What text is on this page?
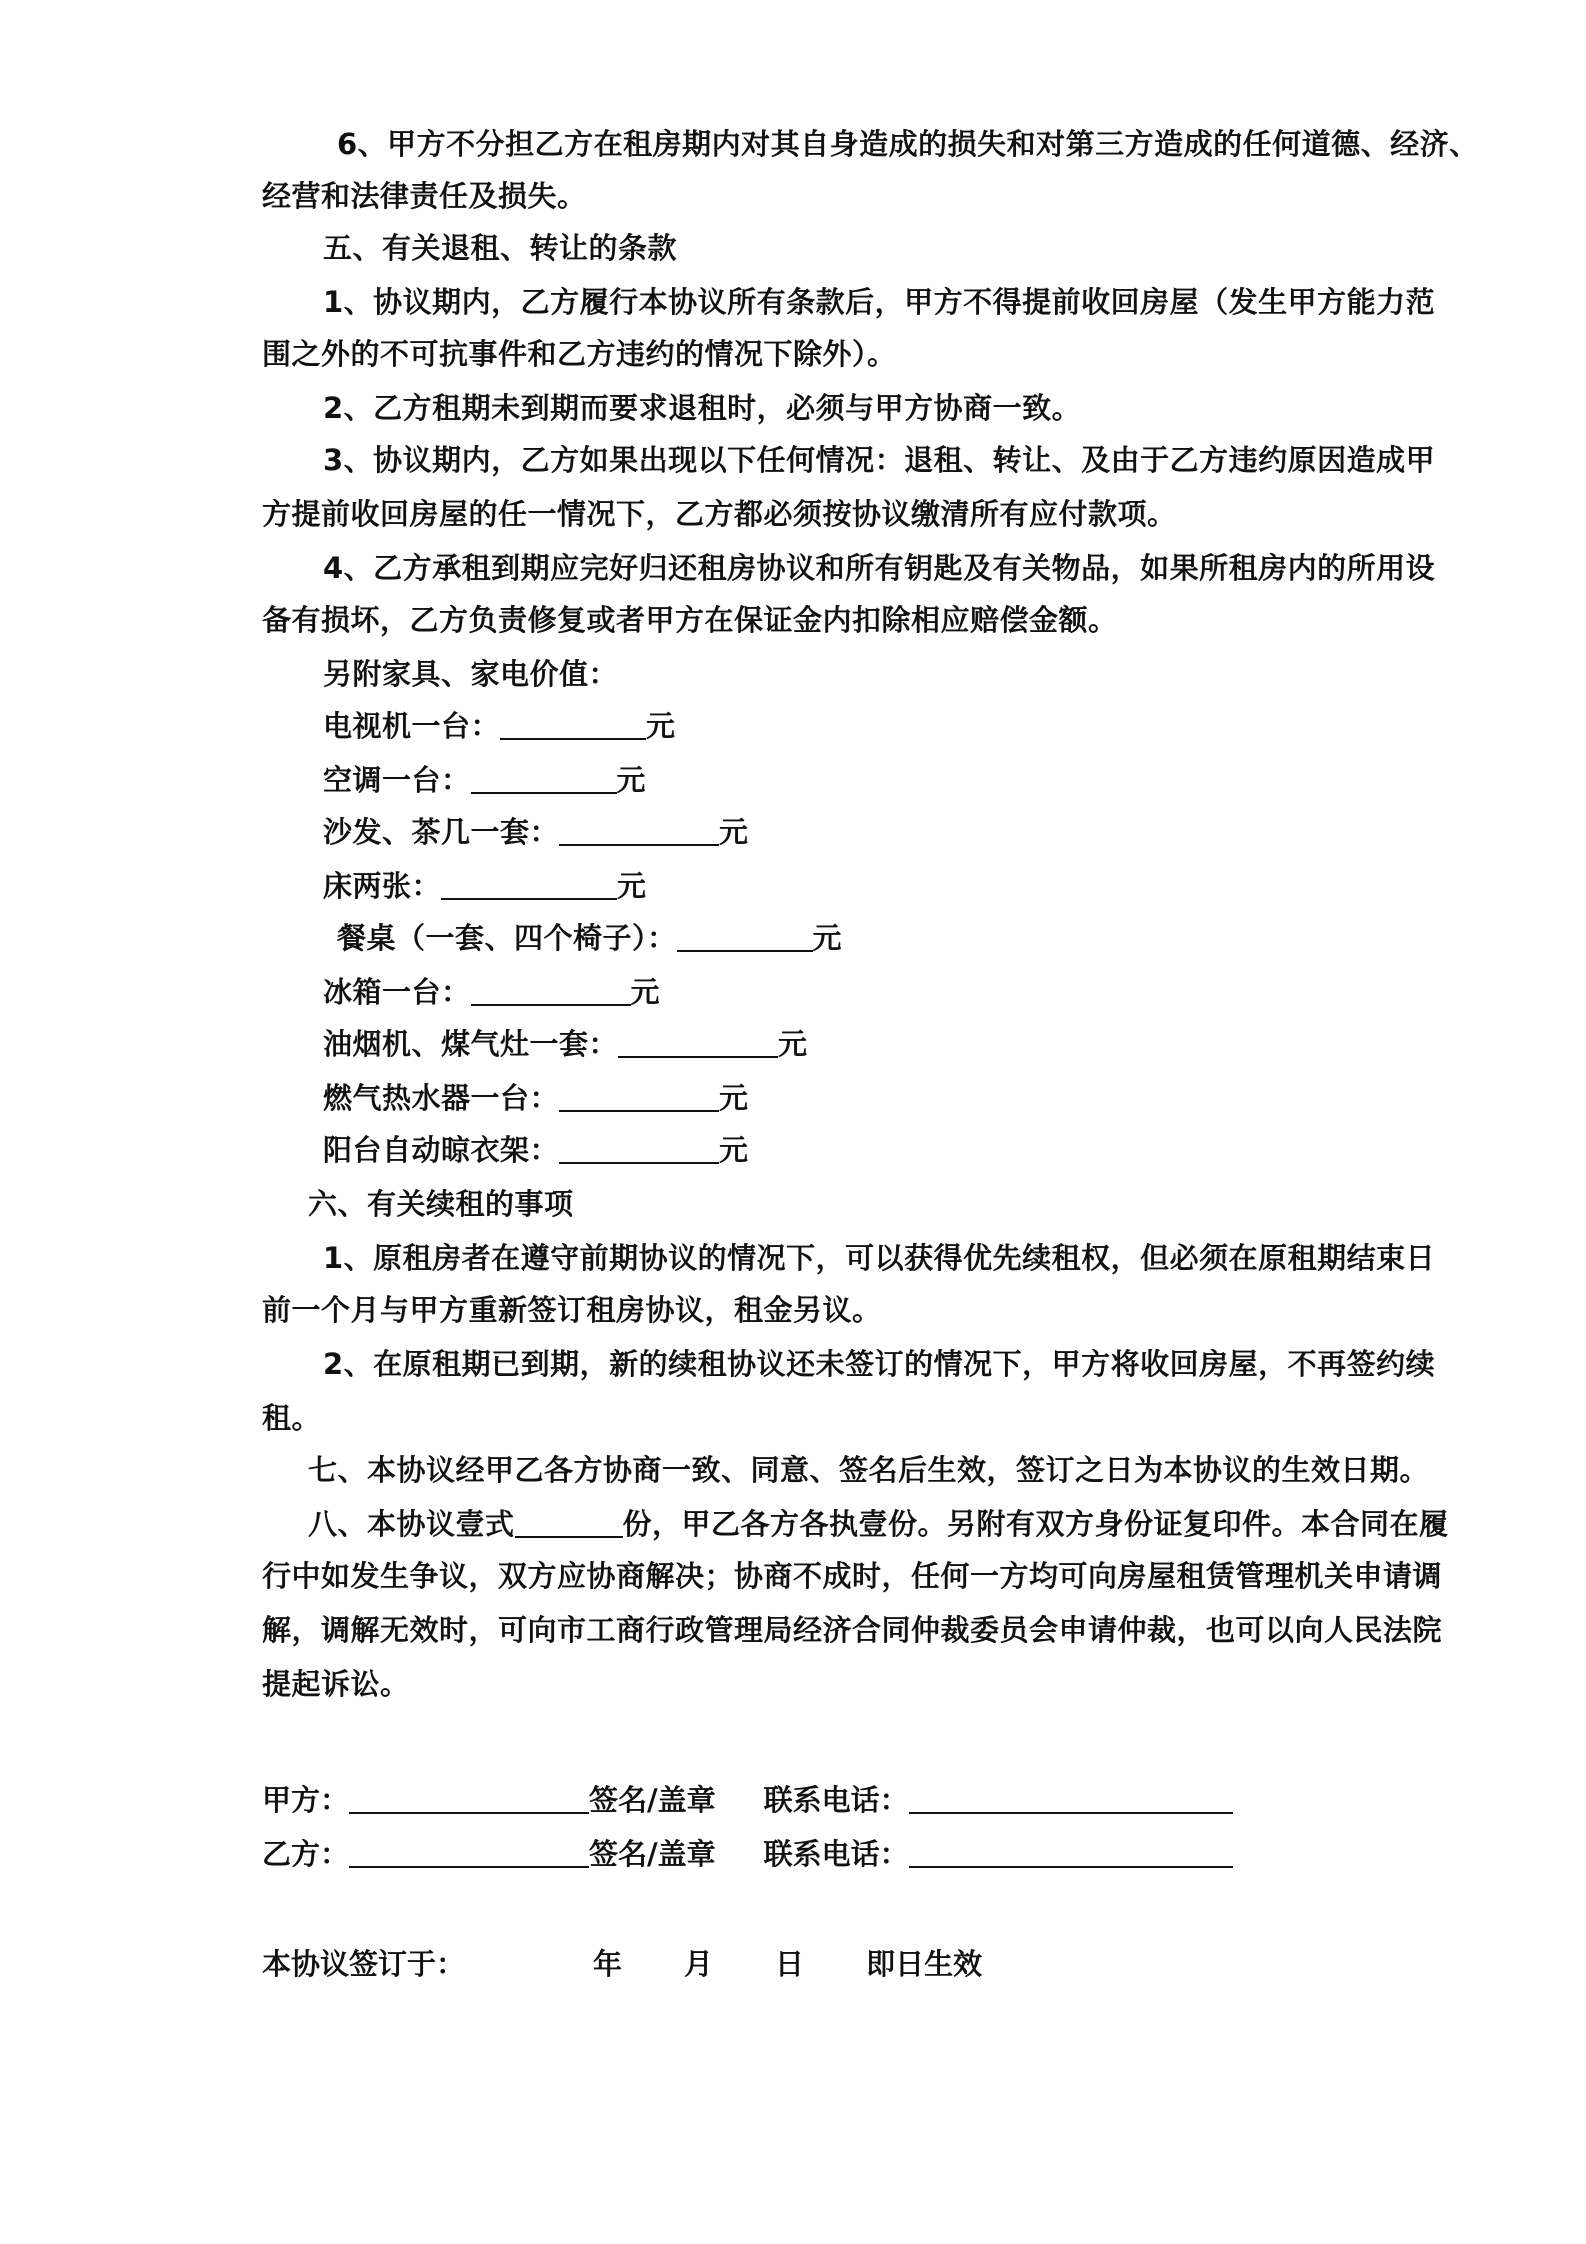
6、甲方不分担乙方在租房期内对其自身造成的损失和对第三方造成的任何道德、经济、
经营和法律责任及损失。
五、有关退租、转让的条款
1、协议期内，乙方履行本协议所有条款后，甲方不得提前收回房屋（发生甲方能力范
围之外的不可抗事件和乙方违约的情况下除外）。
2、乙方租期未到期而要求退租时，必须与甲方协商一致。
3、协议期内，乙方如果出现以下任何情况：退租、转让、及由于乙方违约原因造成甲
方提前收回房屋的任一情况下，乙方都必须按协议缴清所有应付款项。
4、乙方承租到期应完好归还租房协议和所有钥匙及有关物品，如果所租房内的所用设
备有损坏，乙方负责修复或者甲方在保证金内扣除相应赔偿金额。
另附家具、家电价值：
电视机一台：	元
空调一台：	元
沙发、茶几一套：	元
床两张：	元
餐桌（一套、四个椅子）：	元
冰箱一台：	元
油烟机、煤气灶一套：	元
燃气热水器一台：	元
阳台自动晾衣架：	元
六、有关续租的事项
1、原租房者在遵守前期协议的情况下，可以获得优先续租权，但必须在原租期结束日
前一个月与甲方重新签订租房协议，租金另议。
2、在原租期已到期，新的续租协议还未签订的情况下，甲方将收回房屋，不再签约续
租。
七、本协议经甲乙各方协商一致、同意、签名后生效，签订之日为本协议的生效日期。
八、本协议壹式	份，甲乙各方各执壹份。另附有双方身份证复印件。本合同在履
行中如发生争议，双方应协商解决；协商不成时，任何一方均可向房屋租赁管理机关申请调
解，调解无效时，可向市工商行政管理局经济合同仲裁委员会申请仲裁，也可以向人民法院
提起诉讼。
甲方：	签名/盖章 联系电话：
乙方：	签名/盖章 联系电话：
本协议签订于：	年 月 日 即日生效
